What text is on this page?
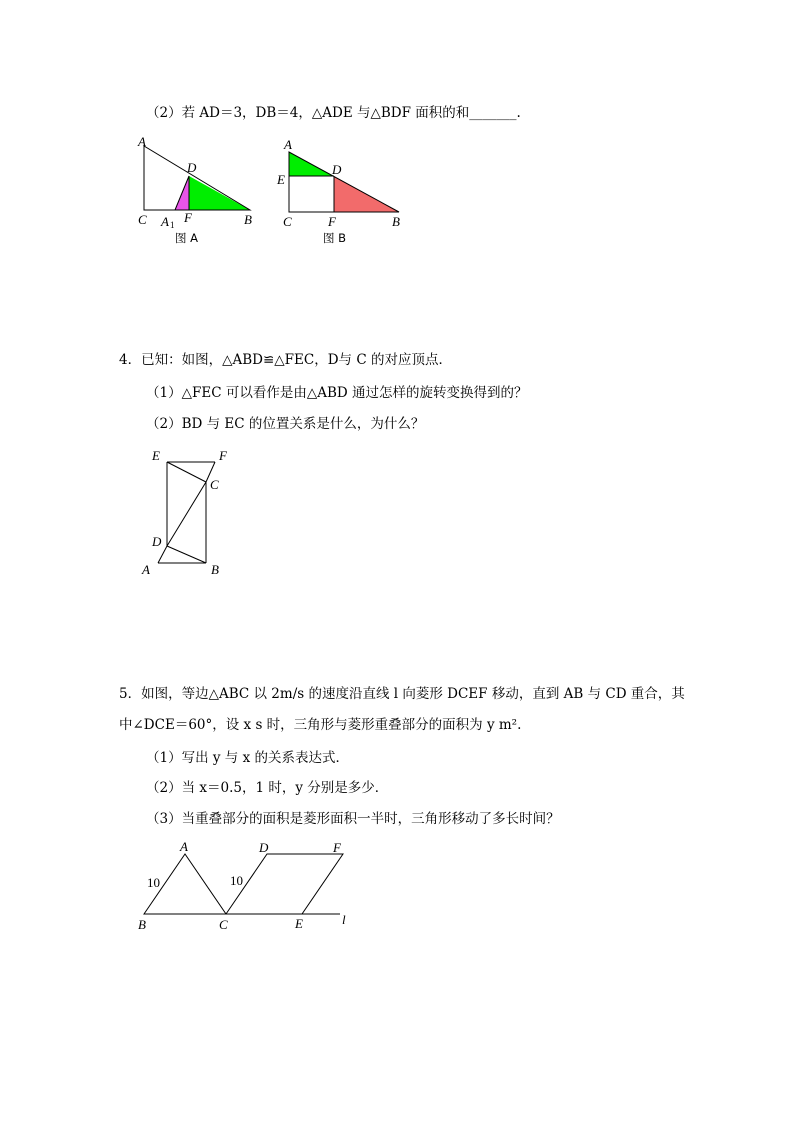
（2）若 AD＝3，DB＝4，△ADE 与△BDF 面积的和_______.
A
D
C A 1 F	B
图 A
A
D
E
C	F	B
图 B
4．已知：如图，△ABD≌△FEC，D与 C 的对应顶点．
（1）△FEC 可以看作是由△ABD 通过怎样的旋转变换得到的？
（2）BD 与 EC 的位置关系是什么，为什么？
E	F
C
D
A	B
5．如图，等边△ABC 以 2m/s 的速度沿直线 l 向菱形 DCEF 移动，直到 AB 与 CD 重合，其
中∠DCE＝60°，设 x s 时，三角形与菱形重叠部分的面积为 y m².
（1）写出 y 与 x 的关系表达式．
（2）当 x＝0.5，1 时，y 分别是多少．
（3）当重叠部分的面积是菱形面积一半时，三角形移动了多长时间？
A	D	F
10	10
B	C	E	l
